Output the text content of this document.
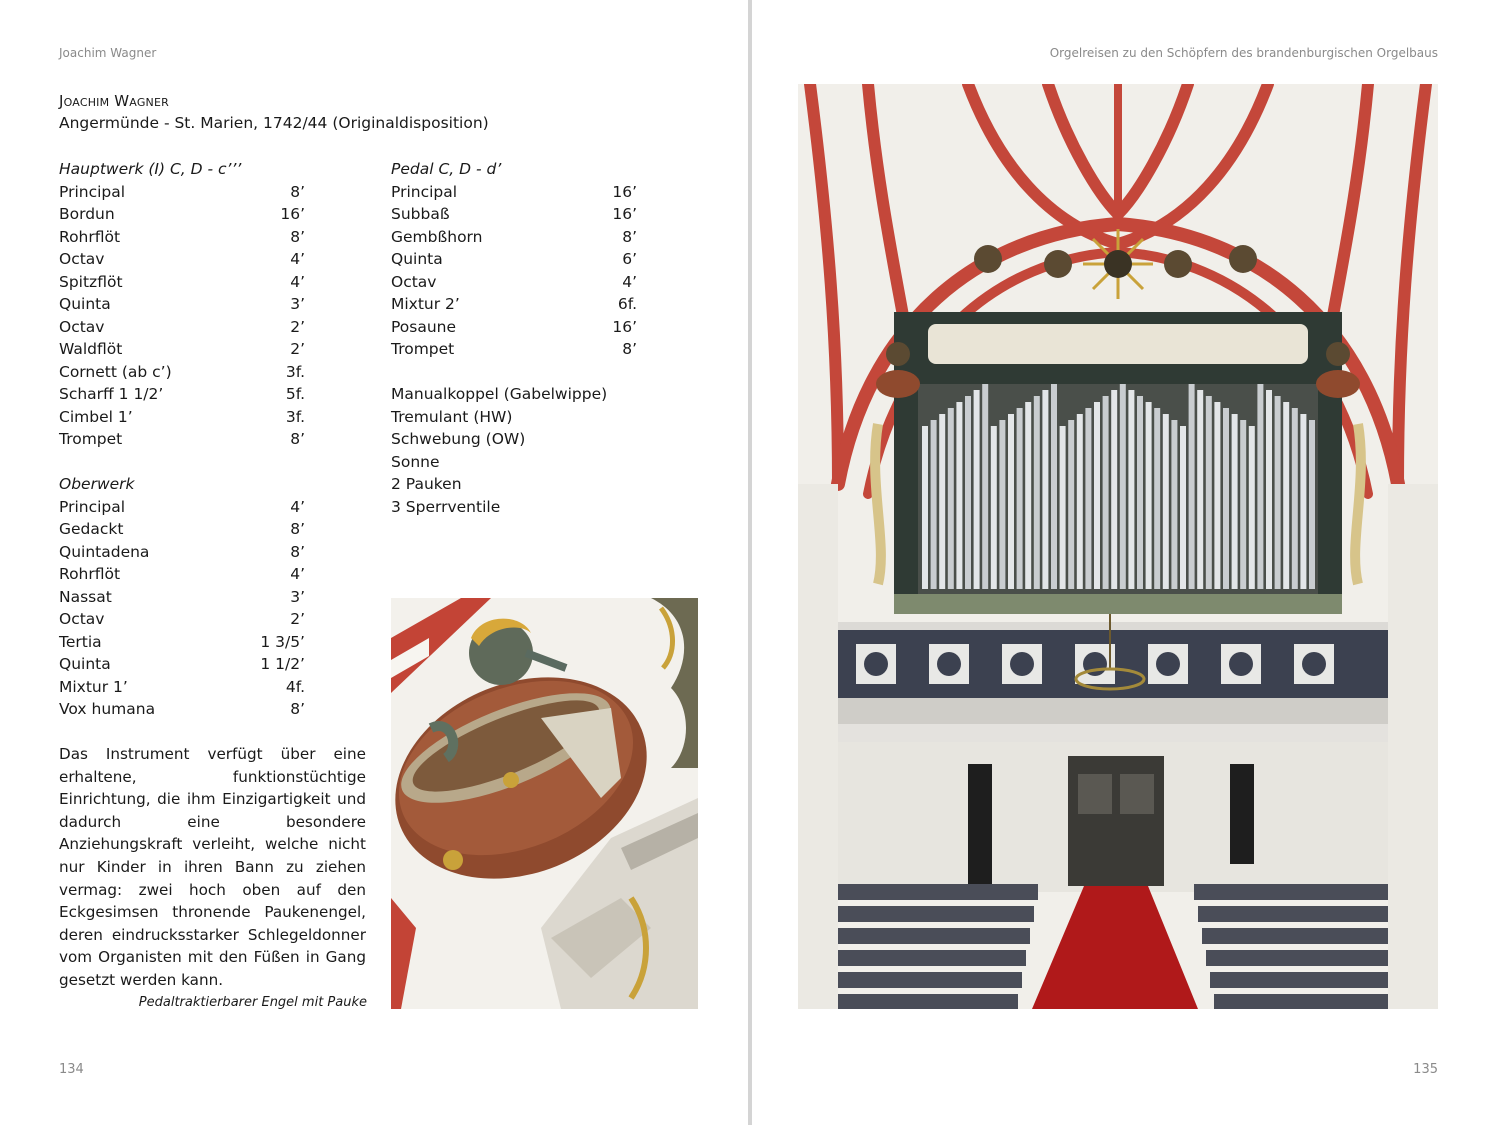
Joachim Wagner
Joachim Wagner
Angermünde - St. Marien, 1742/44 (Originaldisposition)
Hauptwerk (I) C, D - c’’’
Principal	8’
Bordun	16’
Rohrflöt	8’
Octav	4’
Spitzflöt	4’
Quinta	3’
Octav	2’
Waldflöt	2’
Cornett (ab c’)	3f.
Scharff 1 1/2’	5f.
Cimbel 1’	3f.
Trompet	8’
Oberwerk
Principal	4’
Gedackt	8’
Quintadena	8’
Rohrflöt	4’
Nassat	3’
Octav	2’
Tertia	1 3/5’
Quinta	1 1/2’
Mixtur 1’	4f.
Vox humana	8’
Pedal C, D - d’
Principal	16’
Subbaß	16’
Gembßhorn	8’
Quinta	6’
Octav	4’
Mixtur 2’	6f.
Posaune	16’
Trompet	8’
Manualkoppel (Gabelwippe)
Tremulant (HW)
Schwebung (OW)
Sonne
2 Pauken
3 Sperrventile
Das Instrument verfügt über eine erhaltene, funktionstüchtige Einrichtung, die ihm Einzigartigkeit und dadurch eine besondere Anziehungskraft verleiht, welche nicht nur Kinder in ihren Bann zu ziehen vermag: zwei hoch oben auf den Eckgesimsen thronende Paukenengel, deren eindrucksstarker Schlegeldonner vom Organisten mit den Füßen in Gang gesetzt werden kann.
Pedaltraktierbarer Engel mit Pauke
134
Orgelreisen zu den Schöpfern des brandenburgischen Orgelbaus
135
